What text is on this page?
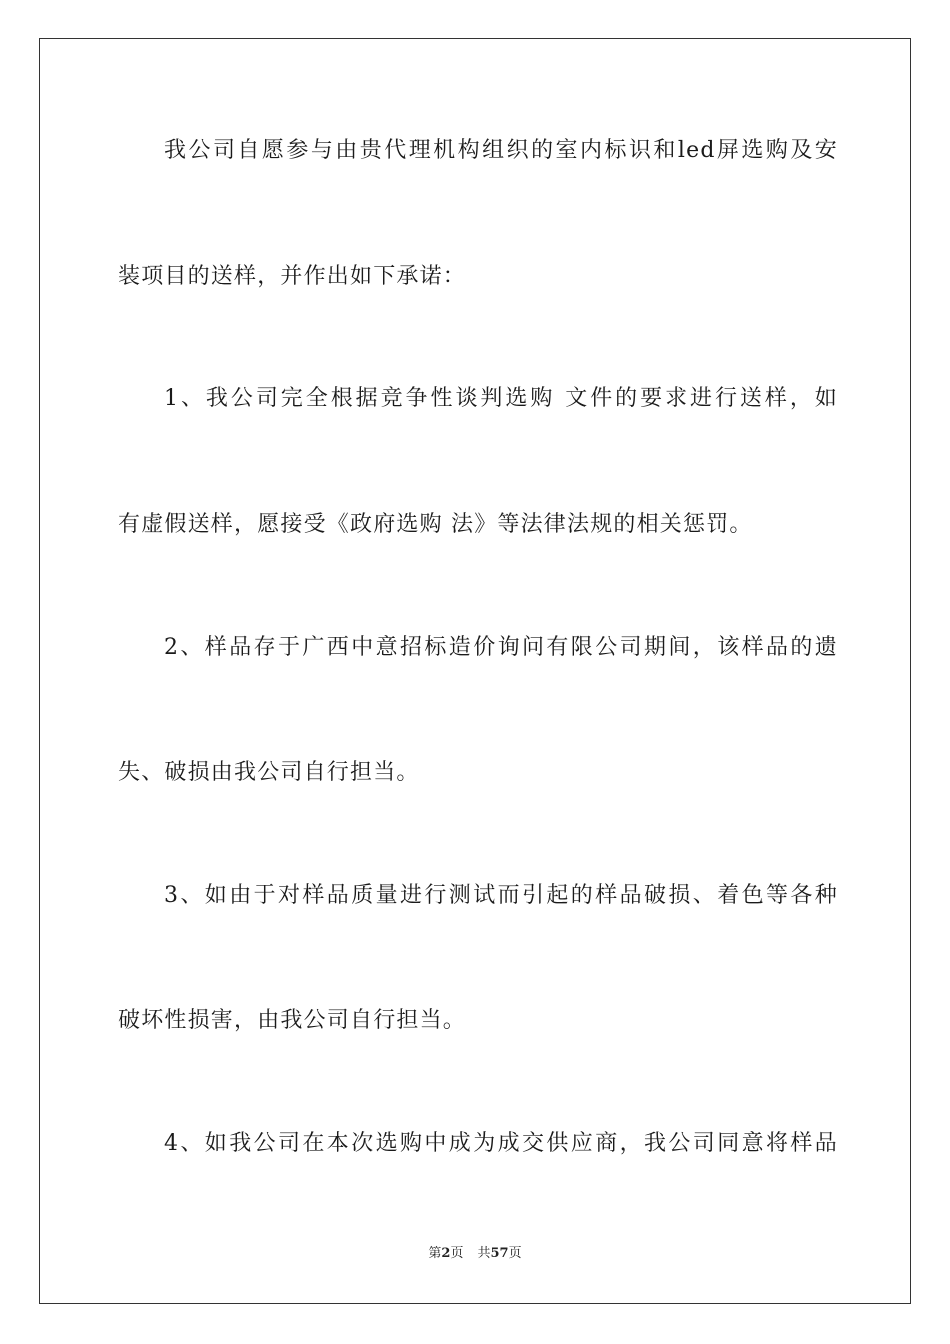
我公司自愿参与由贵代理机构组织的室内标识和led屏选购及安
装项目的送样，并作出如下承诺：
1、我公司完全根据竞争性谈判选购 文件的要求进行送样，如
有虚假送样，愿接受《政府选购 法》等法律法规的相关惩罚。
2、样品存于广西中意招标造价询问有限公司期间，该样品的遗
失、破损由我公司自行担当。
3、如由于对样品质量进行测试而引起的样品破损、着色等各种
破坏性损害，由我公司自行担当。
4、如我公司在本次选购中成为成交供应商，我公司同意将样品
第2页 共57页
